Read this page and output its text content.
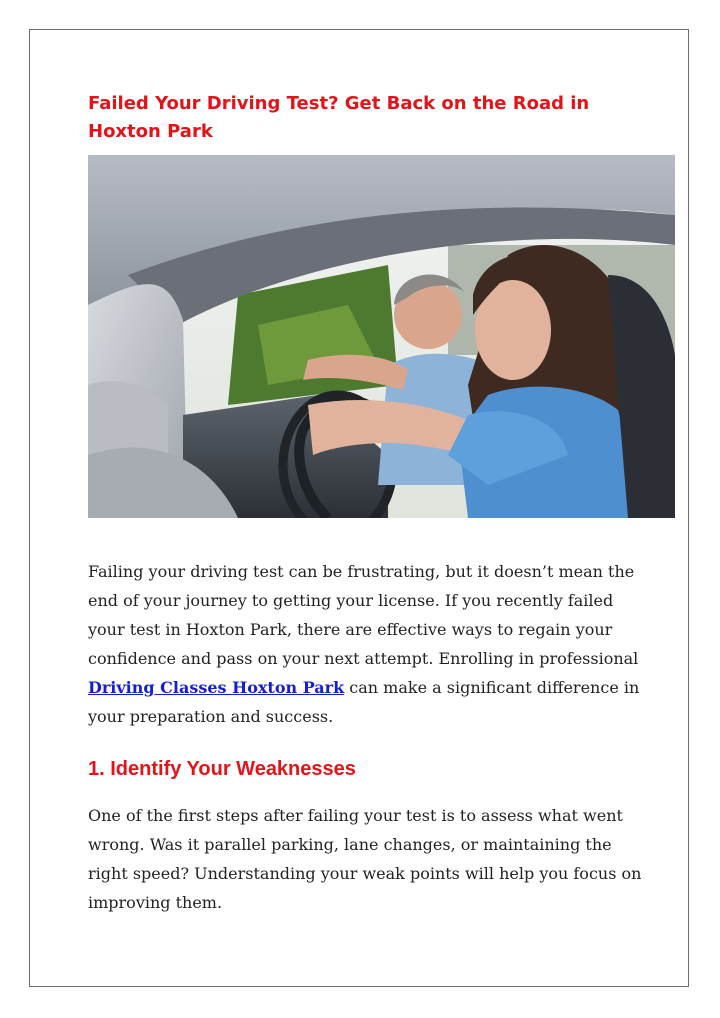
Failed Your Driving Test? Get Back on the Road in Hoxton Park

Failing your driving test can be frustrating, but it doesn’t mean the end of your journey to getting your license. If you recently failed your test in Hoxton Park, there are effective ways to regain your confidence and pass on your next attempt. Enrolling in professional Driving Classes Hoxton Park can make a significant difference in your preparation and success.

1. Identify Your Weaknesses

One of the first steps after failing your test is to assess what went wrong. Was it parallel parking, lane changes, or maintaining the right speed? Understanding your weak points will help you focus on improving them.
